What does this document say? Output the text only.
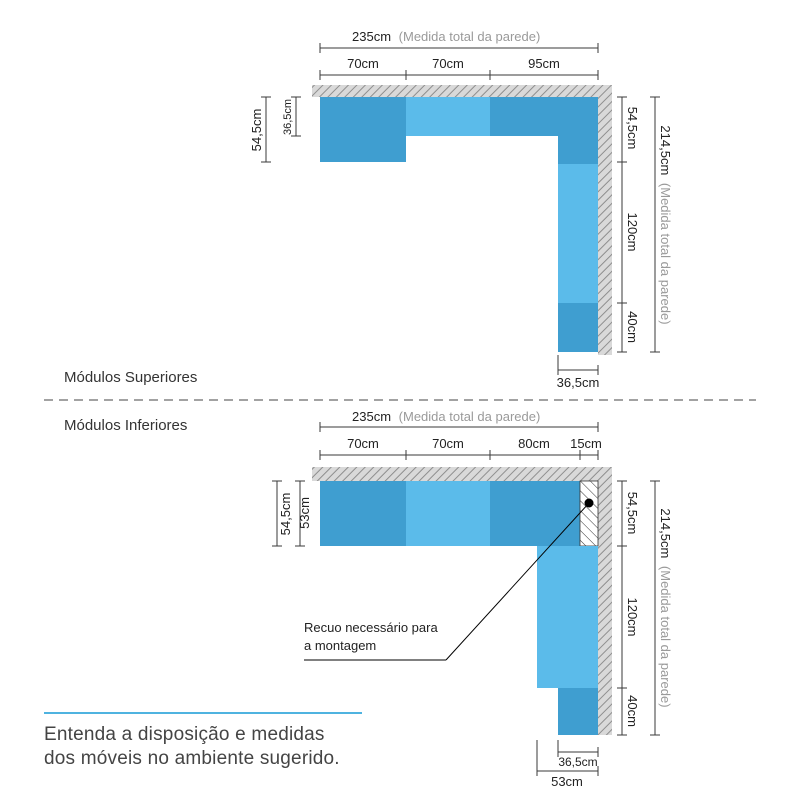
235cm (Medida total da parede)
70cm	70cm	95cm
54,5cm 36,5cm	54,5cm
120cm
40cm
214,5cm (Medida total da parede)
36,5cm
Módulos Superiores
Módulos Inferiores
235cm (Medida total da parede)
70cm	70cm	80cm 15cm
54,5cm 53cm	54,5cm
120cm
40cm
214,5cm (Medida total da parede)
36,5cm
53cm
Recuo necessário para
a montagem
Entenda a disposição e medidas
dos móveis no ambiente sugerido.
